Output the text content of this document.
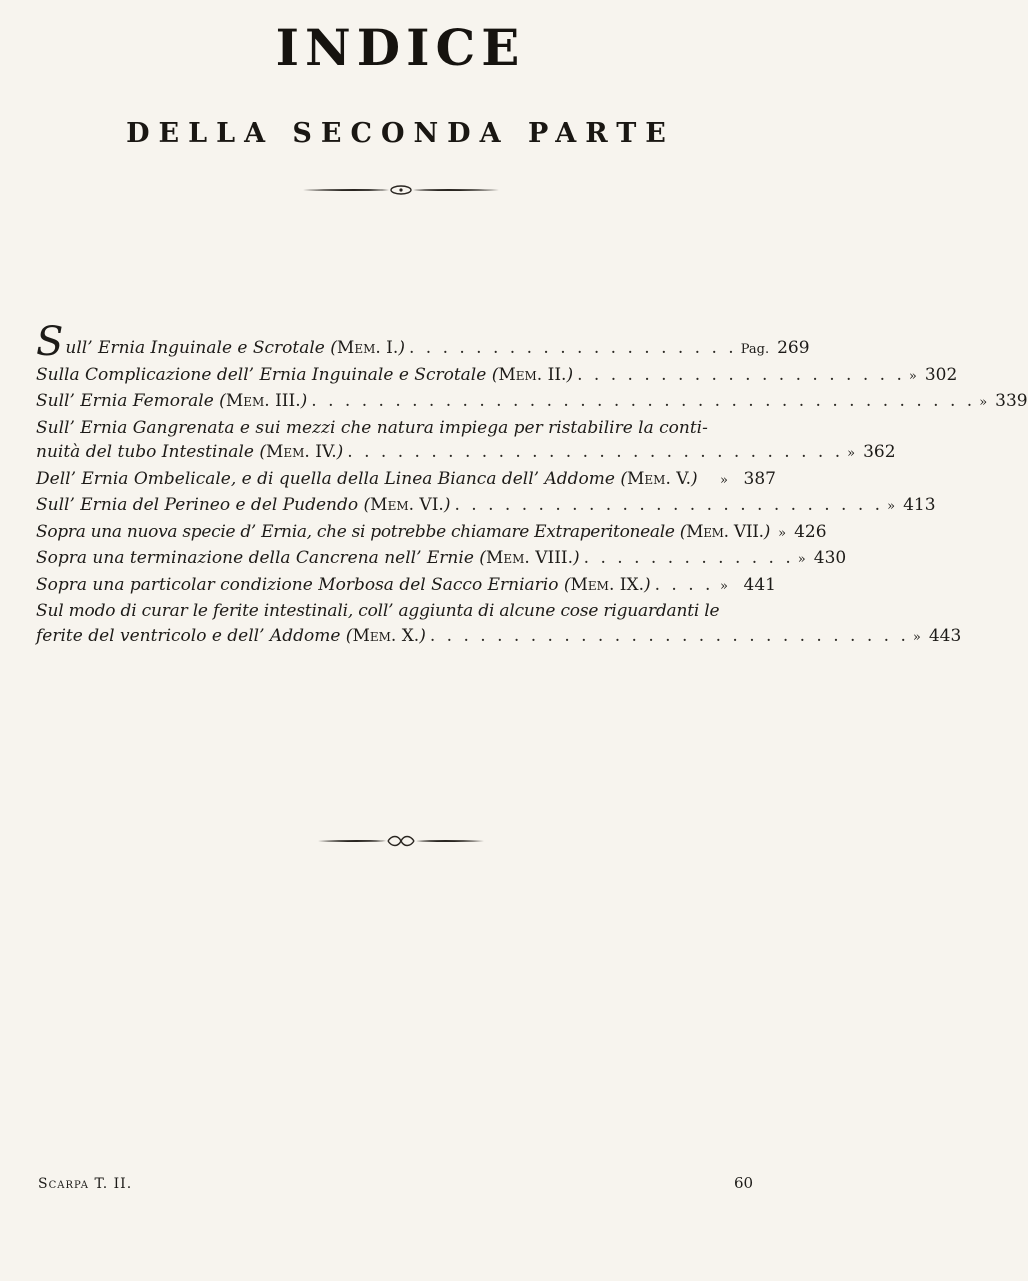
INDICE
DELLA SECONDA PARTE
Sull’ Ernia Inguinale e Scrotale (Mem. I.) . . . . . . . . . . . . . . . . . . . . Pag. 269
Sulla Complicazione dell’ Ernia Inguinale e Scrotale (Mem. II.) . . . . . . . . . . . . . . . . . . . . » 302
Sull’ Ernia Femorale (Mem. III.) . . . . . . . . . . . . . . . . . . . . . . . . . . . . . . . . . . . . . . . . » 339
Sull’ Ernia Gangrenata e sui mezzi che natura impiega per ristabilire la conti-
nuità del tubo Intestinale (Mem. IV.) . . . . . . . . . . . . . . . . . . . . . . . . . . . . . . » 362
Dell’ Ernia Ombelicale, e di quella della Linea Bianca dell’ Addome (Mem. V.) » 387
Sull’ Ernia del Perineo e del Pudendo (Mem. VI.) . . . . . . . . . . . . . . . . . . . . . . . . . . » 413
Sopra una nuova specie d’ Ernia, che si potrebbe chiamare Extraperitoneale (Mem. VII.) » 426
Sopra una terminazione della Cancrena nell’ Ernie (Mem. VIII.) . . . . . . . . . . . . . » 430
Sopra una particolar condizione Morbosa del Sacco Erniario (Mem. IX.) . . . . » 441
Sul modo di curar le ferite intestinali, coll’ aggiunta di alcune cose riguardanti le
ferite del ventricolo e dell’ Addome (Mem. X.) . . . . . . . . . . . . . . . . . . . . . . . . . . . . . » 443
Scarpa T. II.	60
